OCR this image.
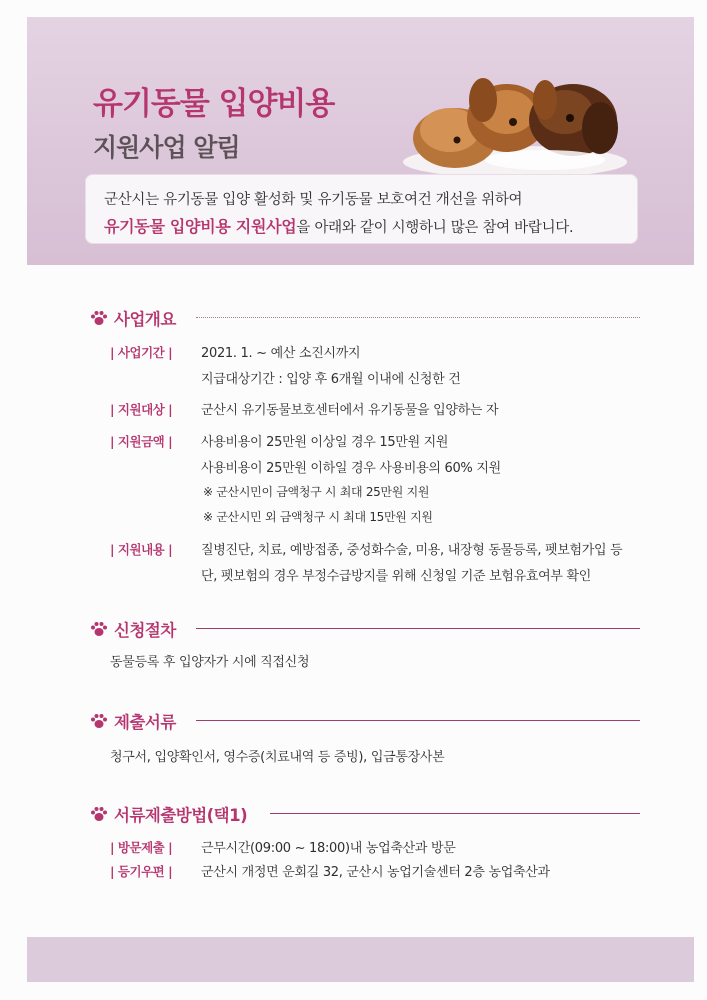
유기동물 입양비용
지원사업 알림
군산시는 유기동물 입양 활성화 및 유기동물 보호여건 개선을 위하여
유기동물 입양비용 지원사업을 아래와 같이 시행하니 많은 참여 바랍니다.
사업개요
| 사업기간 | 2021. 1. ~ 예산 소진시까지
지급대상기간 : 입양 후 6개월 이내에 신청한 건
| 지원대상 | 군산시 유기동물보호센터에서 유기동물을 입양하는 자
| 지원금액 | 사용비용이 25만원 이상일 경우 15만원 지원
사용비용이 25만원 이하일 경우 사용비용의 60% 지원
※ 군산시민이 금액청구 시 최대 25만원 지원
※ 군산시민 외 금액청구 시 최대 15만원 지원
| 지원내용 | 질병진단, 치료, 예방접종, 중성화수술, 미용, 내장형 동물등록, 펫보험가입 등
단, 펫보험의 경우 부정수급방지를 위해 신청일 기준 보험유효여부 확인
신청절차
동물등록 후 입양자가 시에 직접신청
제출서류
청구서, 입양확인서, 영수증(치료내역 등 증빙), 입금통장사본
서류제출방법(택1)
| 방문제출 | 근무시간(09:00 ~ 18:00)내 농업축산과 방문
| 등기우편 | 군산시 개정면 운회길 32, 군산시 농업기술센터 2층 농업축산과
